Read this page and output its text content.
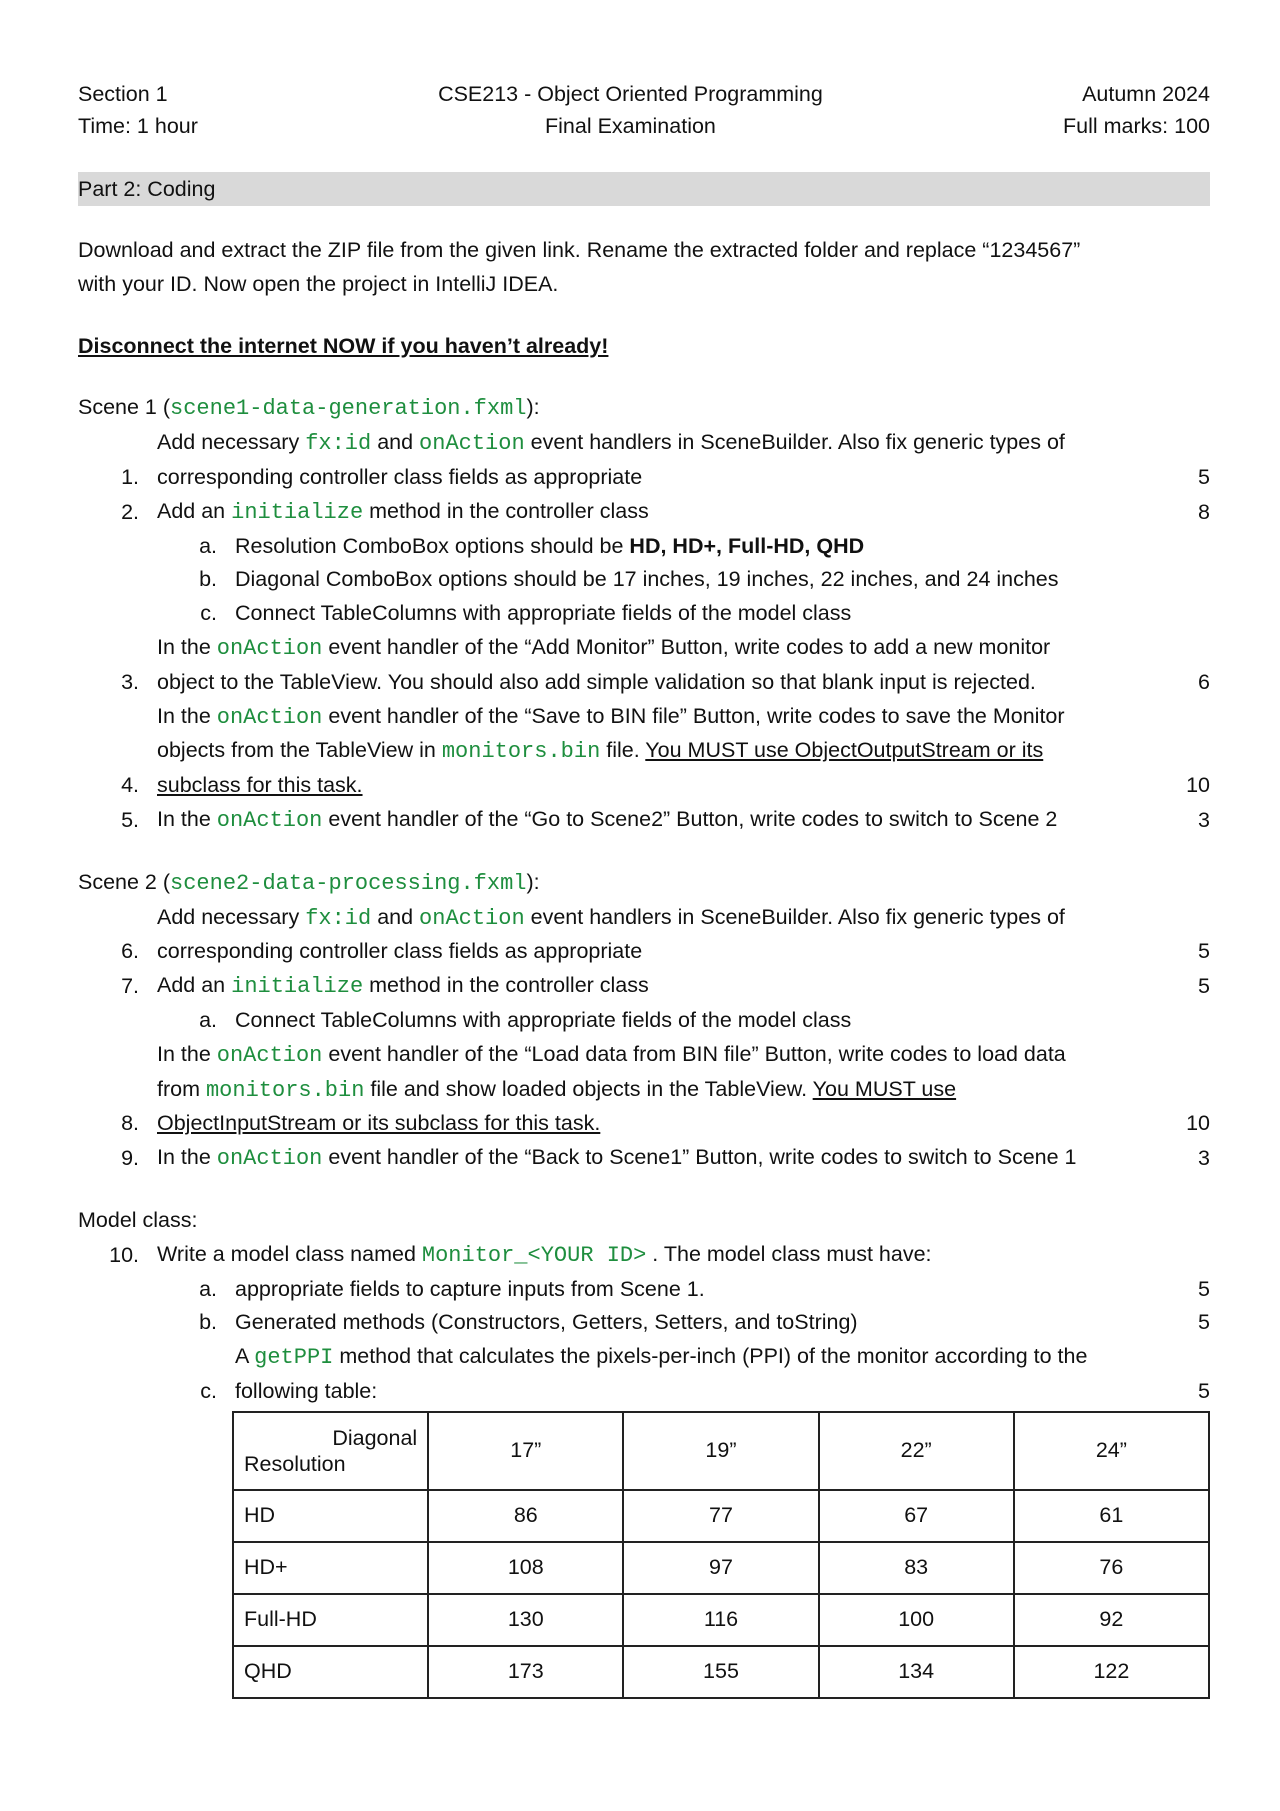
Section 1
Time: 1 hour
CSE213 - Object Oriented Programming
Final Examination
Autumn 2024
Full marks: 100
Part 2: Coding
Download and extract the ZIP file from the given link. Rename the extracted folder and replace “1234567”
with your ID. Now open the project in IntelliJ IDEA.
Disconnect the internet NOW if you haven’t already!
Scene 1 (scene1-data-generation.fxml):
1.
Add necessary fx:id and onAction event handlers in SceneBuilder. Also fix generic types of
corresponding controller class fields as appropriate	5
2. Add an initialize method in the controller class	8
a. Resolution ComboBox options should be HD, HD+, Full-HD, QHD
b. Diagonal ComboBox options should be 17 inches, 19 inches, 22 inches, and 24 inches
c. Connect TableColumns with appropriate fields of the model class
3.
In the onAction event handler of the “Add Monitor” Button, write codes to add a new monitor
object to the TableView. You should also add simple validation so that blank input is rejected.	6
4.
In the onAction event handler of the “Save to BIN file” Button, write codes to save the Monitor
objects from the TableView in monitors.bin file. You MUST use ObjectOutputStream or its
subclass for this task.	10
5. In the onAction event handler of the “Go to Scene2” Button, write codes to switch to Scene 2	3
Scene 2 (scene2-data-processing.fxml):
6.
Add necessary fx:id and onAction event handlers in SceneBuilder. Also fix generic types of
corresponding controller class fields as appropriate	5
7. Add an initialize method in the controller class	5
a. Connect TableColumns with appropriate fields of the model class
8.
In the onAction event handler of the “Load data from BIN file” Button, write codes to load data
from monitors.bin file and show loaded objects in the TableView. You MUST use
ObjectInputStream or its subclass for this task.	10
9. In the onAction event handler of the “Back to Scene1” Button, write codes to switch to Scene 1	3
Model class:
10. Write a model class named Monitor_<YOUR ID> . The model class must have:
a. appropriate fields to capture inputs from Scene 1.	5
b. Generated methods (Constructors, Getters, Setters, and toString)	5
c.
A getPPI method that calculates the pixels-per-inch (PPI) of the monitor according to the
following table:	5
Diagonal
Resolution	17”	19”	22”	24”
HD	86	77	67	61
HD+	108	97	83	76
Full-HD	130	116	100	92
QHD	173	155	134	122
